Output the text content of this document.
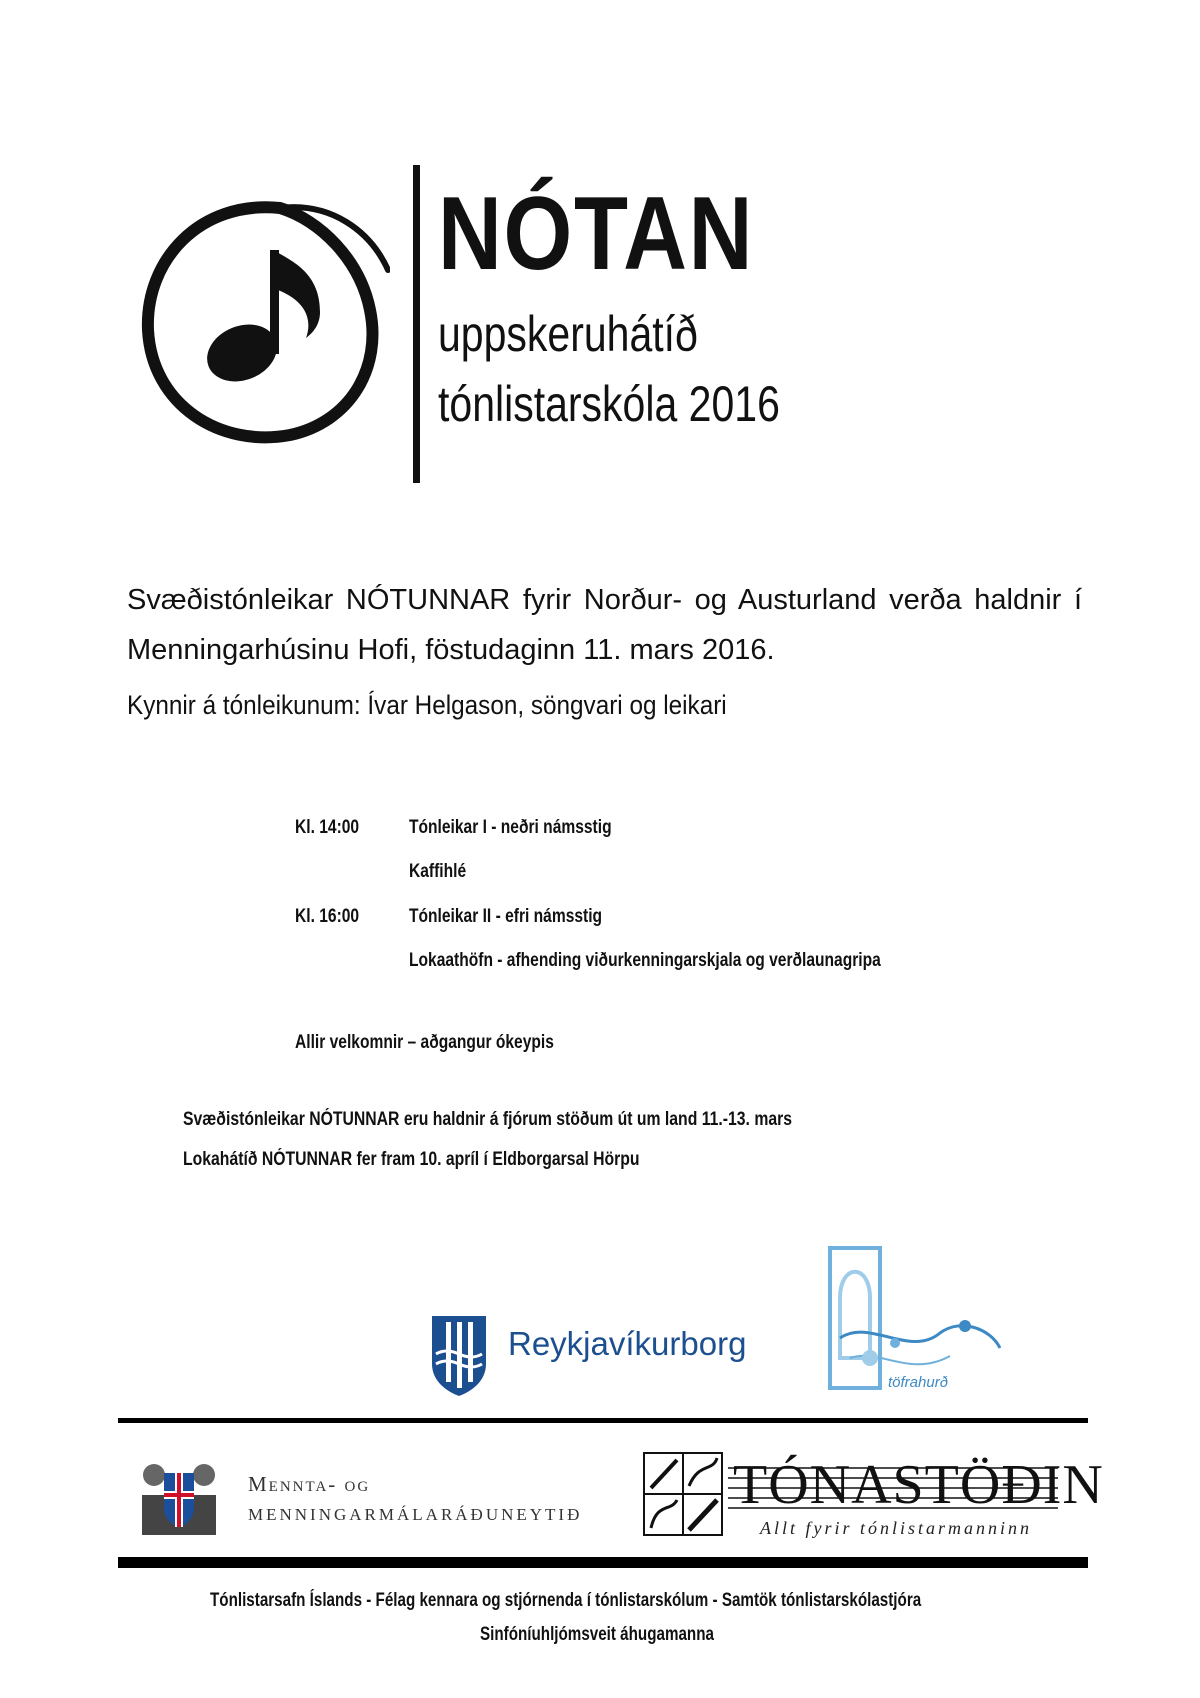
NÓTAN
uppskeruhátíð
tónlistarskóla 2016
Svæðistónleikar NÓTUNNAR fyrir Norður- og Austurland verða haldnir í Menningarhúsinu Hofi, föstudaginn 11. mars 2016.
Kynnir á tónleikunum: Ívar Helgason, söngvari og leikari
Kl. 14:00	Tónleikar I - neðri námsstig
Kaffihlé
Kl. 16:00	Tónleikar II - efri námsstig
Lokaathöfn - afhending viðurkenningarskjala og verðlaunagripa
Allir velkomnir – aðgangur ókeypis
Svæðistónleikar NÓTUNNAR eru haldnir á fjórum stöðum út um land 11.-13. mars
Lokahátíð NÓTUNNAR fer fram 10. apríl í Eldborgarsal Hörpu
Reykjavíkurborg
töfrahurð
Mennta- og
MENNINGARMÁLARÁÐUNEYTIÐ	TÓNASTÖÐIN
Allt fyrir tónlistarmanninn
Tónlistarsafn Íslands - Félag kennara og stjórnenda í tónlistarskólum - Samtök tónlistarskólastjóra
Sinfóníuhljómsveit áhugamanna
